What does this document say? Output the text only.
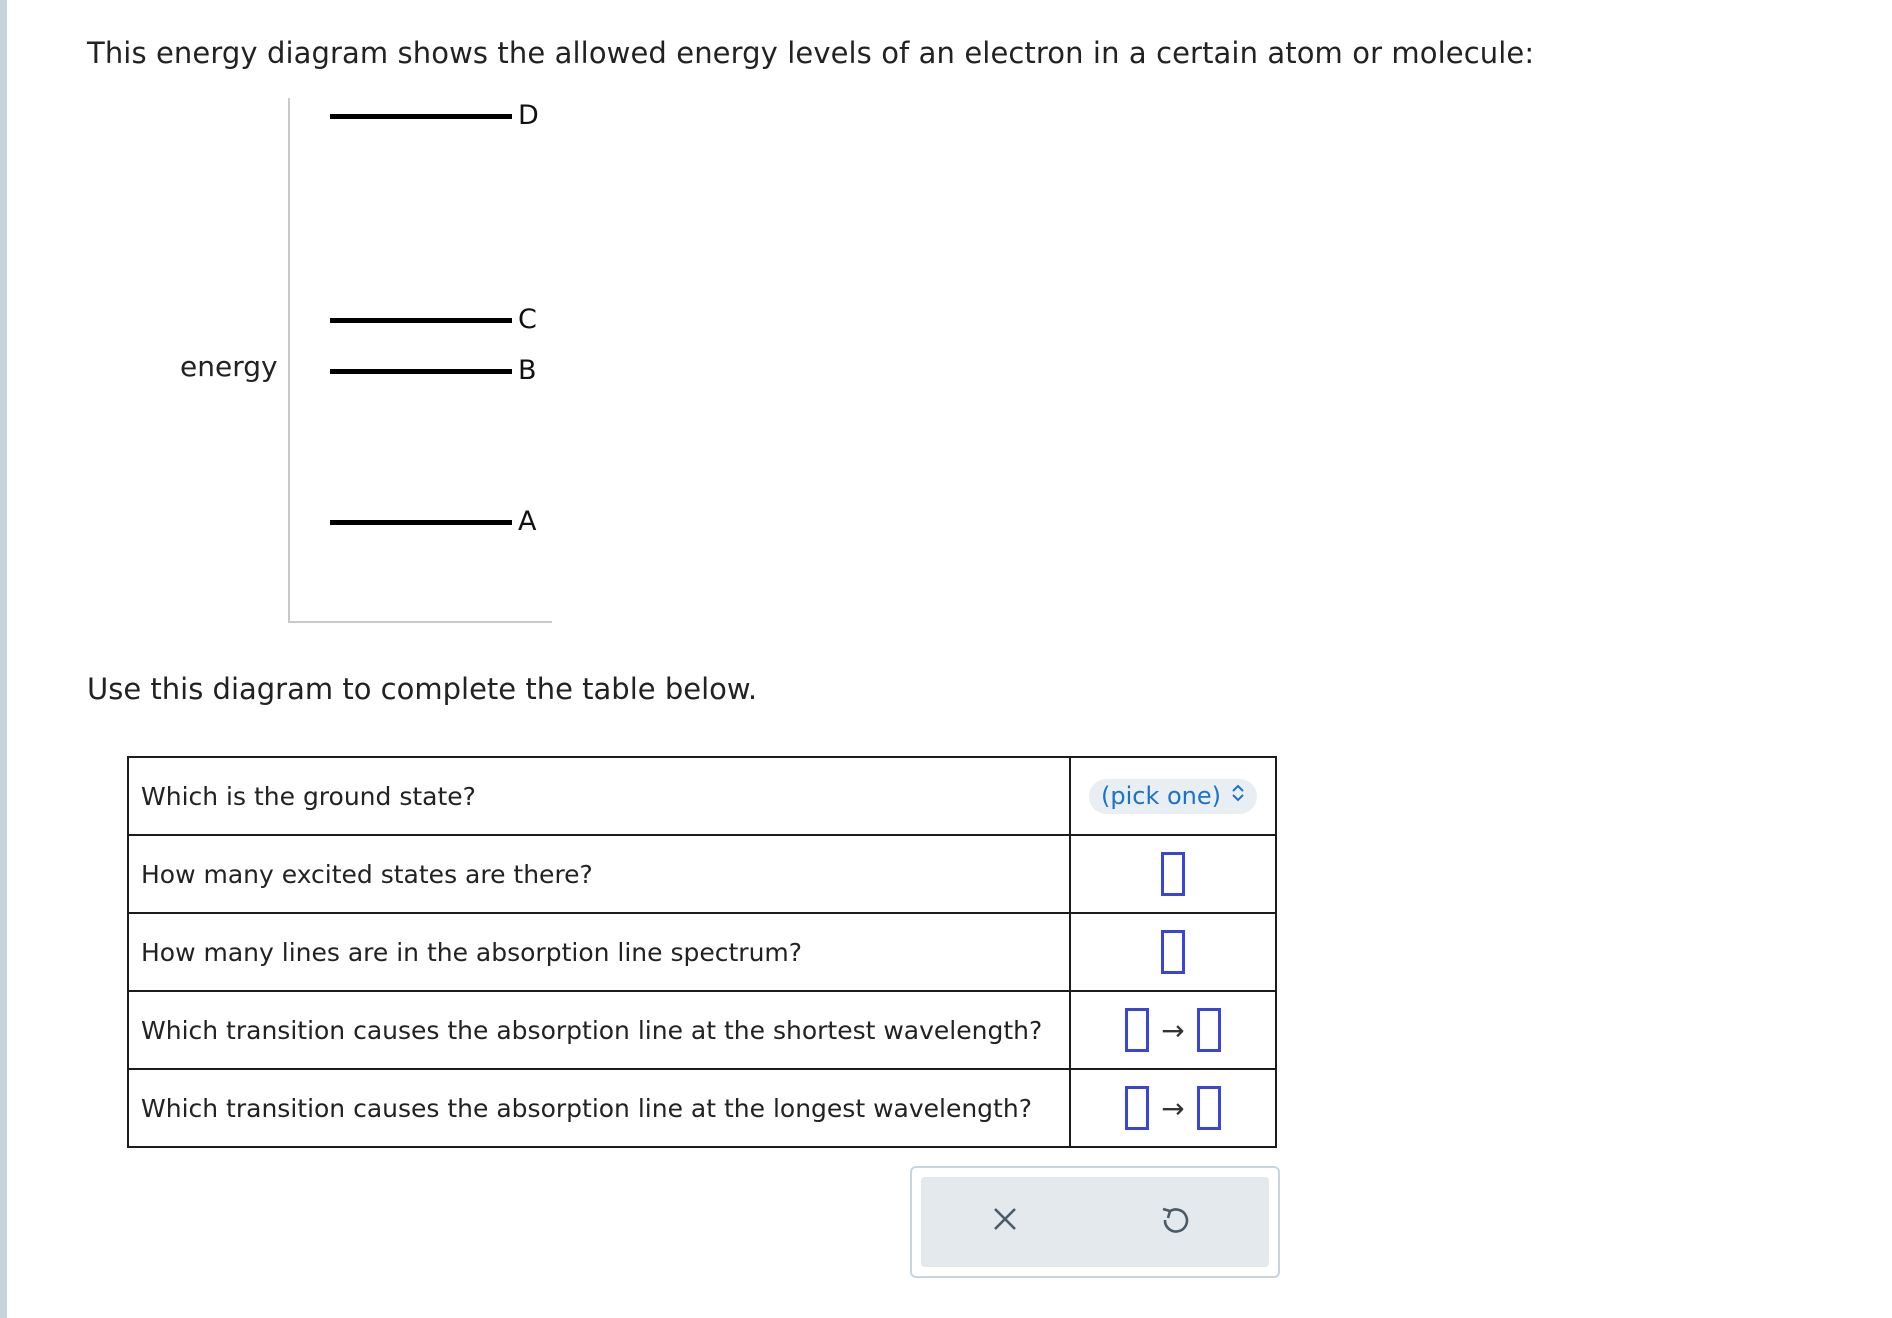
This energy diagram shows the allowed energy levels of an electron in a certain atom or molecule:
energy
D
C
B
A
Use this diagram to complete the table below.
Which is the ground state?	(pick one)

How many excited states are there?	
How many lines are in the absorption line spectrum?	
Which transition causes the absorption line at the shortest wavelength?	→
Which transition causes the absorption line at the longest wavelength?	→
